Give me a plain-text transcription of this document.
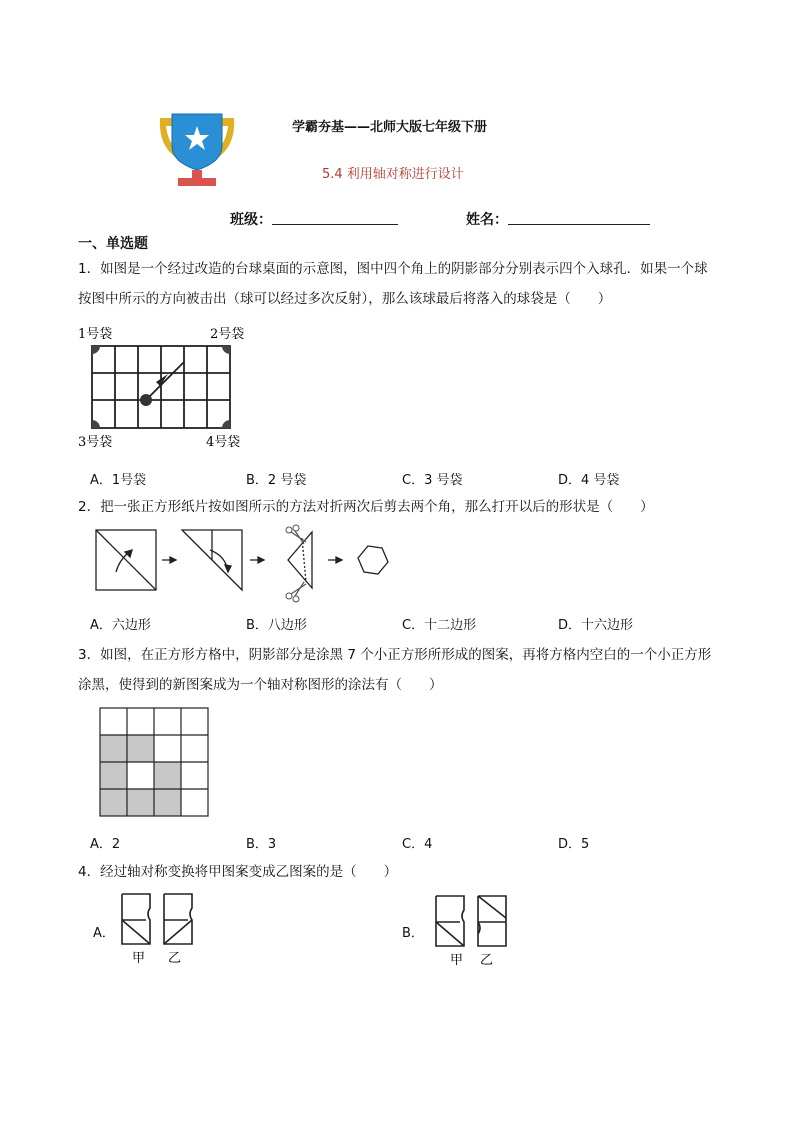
学霸夯基——北师大版七年级下册
5.4 利用轴对称进行设计
班级：	姓名：
一、单选题
1．如图是一个经过改造的台球桌面的示意图，图中四个角上的阴影部分分别表示四个入球孔．如果一个球按图中所示的方向被击出（球可以经过多次反射），那么该球最后将落入的球袋是（　　）
1号袋	2号袋
3号袋	4号袋
A．1号袋	B．2 号袋	C．3 号袋	D．4 号袋
2．把一张正方形纸片按如图所示的方法对折两次后剪去两个角，那么打开以后的形状是（　　）
A．六边形	B．八边形	C．十二边形	D．十六边形
3．如图，在正方形方格中，阴影部分是涂黑 7 个小正方形所形成的图案，再将方格内空白的一个小正方形涂黑，使得到的新图案成为一个轴对称图形的涂法有（　　）
A．2	B．3	C．4	D．5
4．经过轴对称变换将甲图案变成乙图案的是（　　）
A．
甲 乙
B．
甲 乙
